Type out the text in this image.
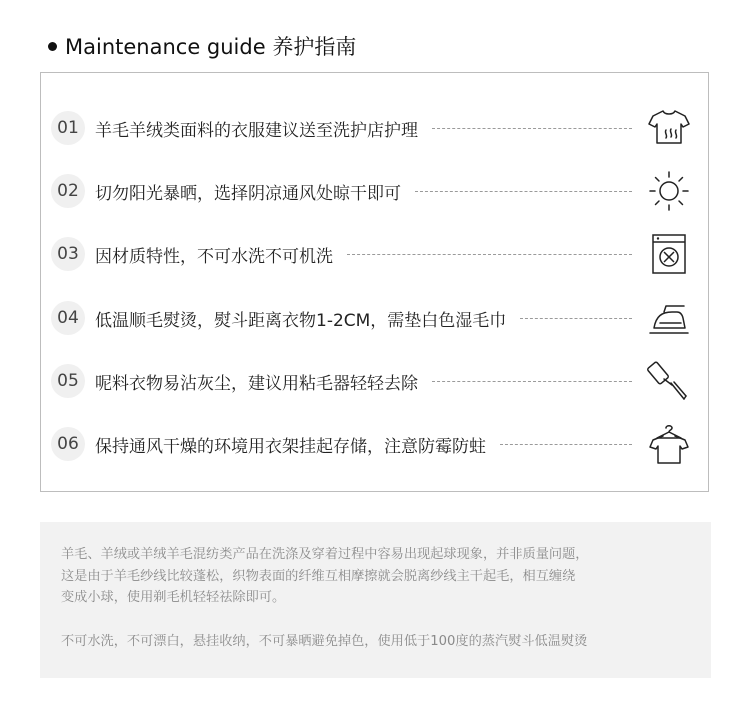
Maintenance guide 养护指南
01 羊毛羊绒类面料的衣服建议送至洗护店护理
02 切勿阳光暴晒，选择阴凉通风处晾干即可
03 因材质特性，不可水洗不可机洗
04 低温顺毛熨烫，熨斗距离衣物1-2CM，需垫白色湿毛巾
05 呢料衣物易沾灰尘，建议用粘毛器轻轻去除
06 保持通风干燥的环境用衣架挂起存储，注意防霉防蛀

羊毛、羊绒或羊绒羊毛混纺类产品在洗涤及穿着过程中容易出现起球现象，并非质量问题，

这是由于羊毛纱线比较蓬松，织物表面的纤维互相摩擦就会脱离纱线主干起毛，相互缠绕

变成小球，使用剃毛机轻轻祛除即可。

不可水洗，不可漂白，悬挂收纳，不可暴晒避免掉色，使用低于100度的蒸汽熨斗低温熨烫
